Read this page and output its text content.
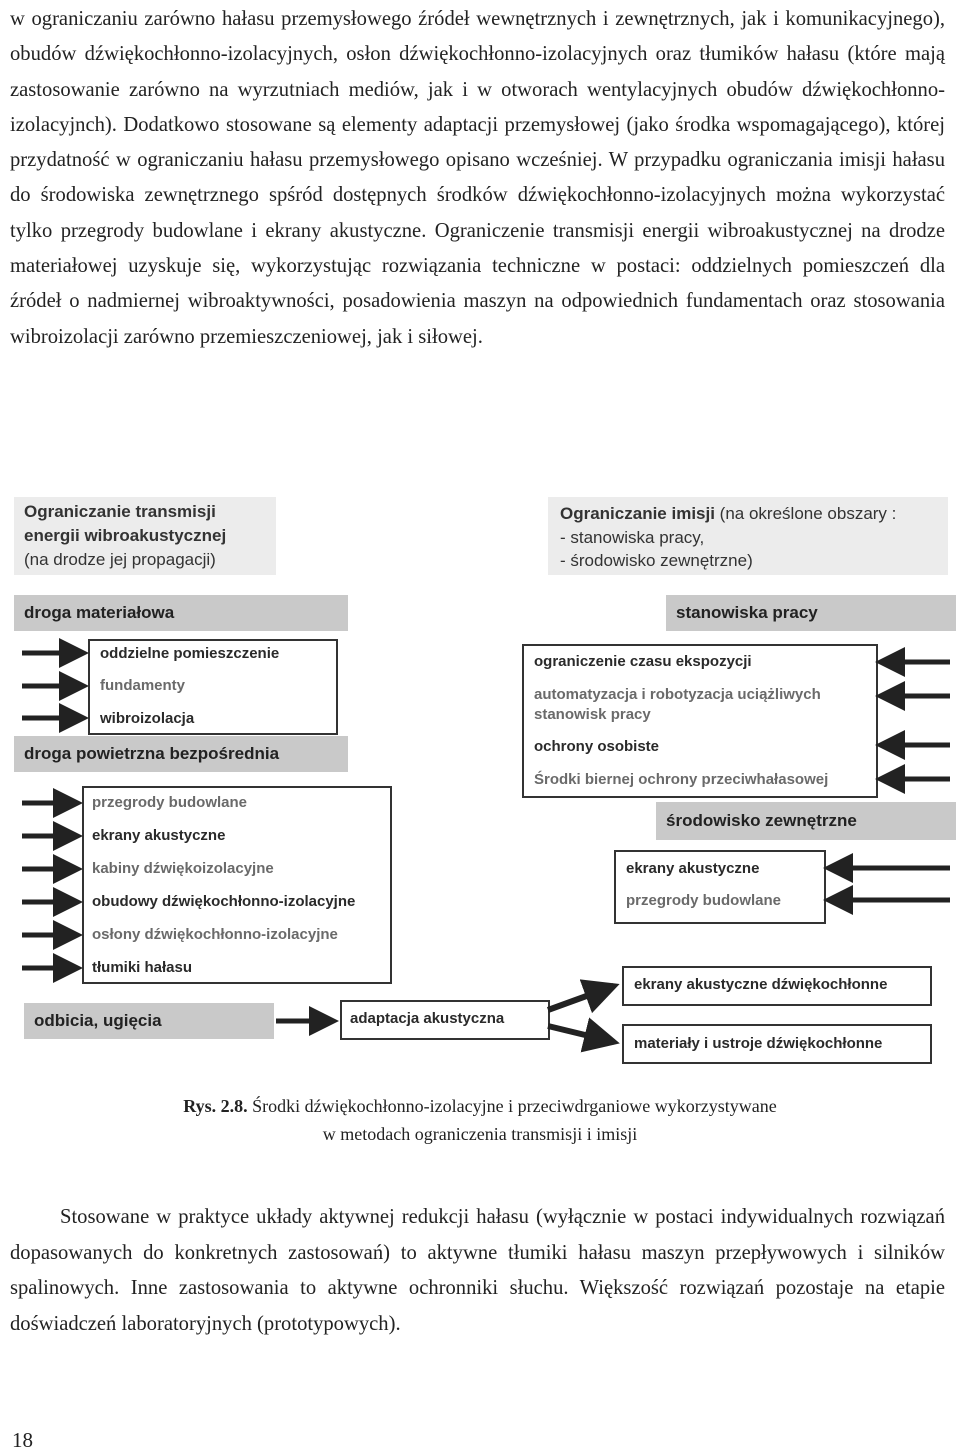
w ograniczaniu zarówno hałasu przemysłowego źródeł wewnętrznych i zewnętrznych, jak i komunikacyjnego), obudów dźwiękochłonno-izolacyjnych, osłon dźwiękochłonno-izolacyjnych oraz tłumików hałasu (które mają zastosowanie zarówno na wyrzutniach mediów, jak i w otworach wentylacyjnych obudów dźwiękochłonno-izolacyjnch). Dodatkowo stosowane są elementy adaptacji przemysłowej (jako środka wspomagającego), której przydatność w ograniczaniu hałasu przemysłowego opisano wcześniej. W przypadku ograniczania imisji hałasu do środowiska zewnętrznego spśród dostępnych środków dźwiękochłonno-izolacyjnych można wykorzystać tylko przegrody budowlane i ekrany akustyczne. Ograniczenie transmisji energii wibroakustycznej na drodze materiałowej uzyskuje się, wykorzystując rozwiązania techniczne w postaci: oddzielnych pomieszczeń dla źródeł o nadmiernej wibroaktywności, posadowienia maszyn na odpowiednich fundamentach oraz stosowania wibroizolacji zarówno przemieszczeniowej, jak i siłowej.
Ograniczanie transmisji
energii wibroakustycznej
(na drodze jej propagacji)
Ograniczanie imisji (na określone obszary :
- stanowiska pracy,
- środowisko zewnętrzne)
droga materiałowa
oddzielne pomieszczenie
fundamenty
wibroizolacja
droga powietrzna bezpośrednia
przegrody budowlane
ekrany akustyczne
kabiny dźwiękoizolacyjne
obudowy dźwiękochłonno-izolacyjne
osłony dźwiękochłonno-izolacyjne
tłumiki hałasu
odbicia, ugięcia	adaptacja akustyczna
stanowiska pracy
ograniczenie czasu ekspozycji
automatyzacja i robotyzacja uciążliwych
stanowisk pracy
ochrony osobiste
Środki biernej ochrony przeciwhałasowej
środowisko zewnętrzne
ekrany akustyczne
przegrody budowlane
ekrany akustyczne dźwiękochłonne
materiały i ustroje dźwiękochłonne
Rys. 2.8. Środki dźwiękochłonno-izolacyjne i przeciwdrganiowe wykorzystywane
w metodach ograniczenia transmisji i imisji
Stosowane w praktyce układy aktywnej redukcji hałasu (wyłącznie w postaci indywidualnych rozwiązań dopasowanych do konkretnych zastosowań) to aktywne tłumiki hałasu maszyn przepływowych i silników spalinowych. Inne zastosowania to aktywne ochronniki słuchu. Większość rozwiązań pozostaje na etapie doświadczeń laboratoryjnych (prototypowych).
18
